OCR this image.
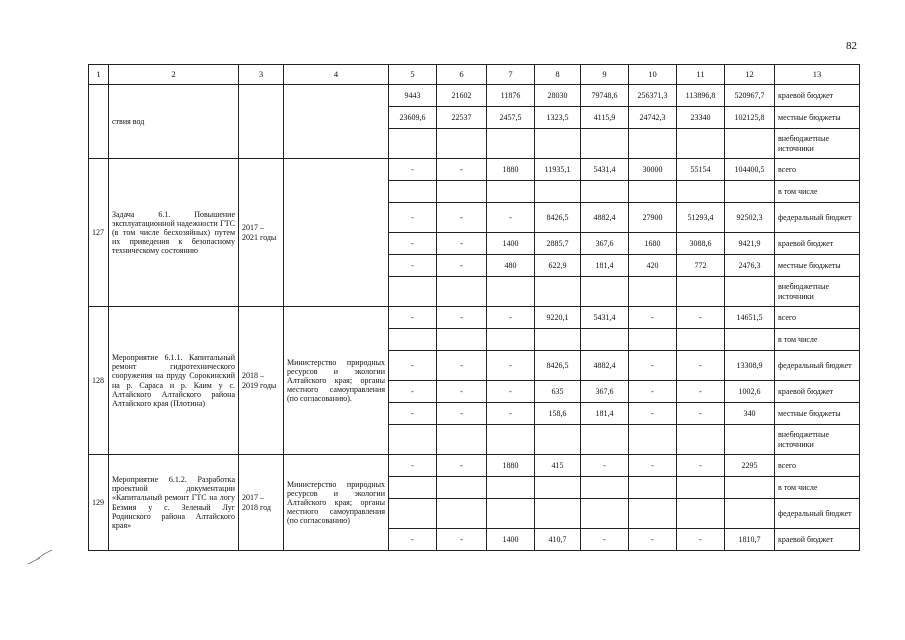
82
1	2	3	4	5	6	7	8	9	10	11	12	13
	ствия вод			9443	21602	11876	28030	79748,6	256371,3	113896,8	520967,7	краевой бюджет
				23609,6	22537	2457,5	1323,5	4115,9	24742,3	23340	102125,8	местные бюджеты
												внебюджетные источники
127	Задача 6.1. Повышение эксплуатационной надежности ГТС (в том числе бесхозяйных) путем их приведения к безопасному техническому состоянию	2017 – 2021 годы		-	-	1880	11935,1	5431,4	30000	55154	104400,5	всего
												в том числе
				-	-	-	8426,5	4882,4	27900	51293,4	92502,3	федеральный бюджет
				-	-	1400	2885,7	367,6	1680	3088,6	9421,9	краевой бюджет
				-	-	480	622,9	181,4	420	772	2476,3	местные бюджеты
												внебюджетные источники
128	Мероприятие 6.1.1. Капитальный ремонт гидротехнического сооружения на пруду Сорокинский на р. Сараса и р. Каим у с. Алтайского Алтайского района Алтайского края (Плотина)	2018 – 2019 годы	Министерство природных ресурсов и экологии Алтайского края; органы местного самоуправления (по согласованию).	-	-	-	9220,1	5431,4	-	-	14651,5	всего
												в том числе
				-	-	-	8426,5	4882,4	-	-	13308,9	федеральный бюджет
				-	-	-	635	367,6	-	-	1002,6	краевой бюджет
				-	-	-	158,6	181,4	-	-	340	местные бюджеты
												внебюджетные источники
129	Мероприятие 6.1.2. Разработка проектной документации «Капитальный ремонт ГТС на логу Безмия у с. Зеленый Луг Родинского района Алтайского края»	2017 – 2018 год	Министерство природных ресурсов и экологии Алтайского края; органы местного самоуправления (по согласованию)	-	-	1880	415	-	-	-	2295	всего
												в том числе
												федеральный бюджет
				-	-	1400	410,7	-	-	-	1810,7	краевой бюджет
